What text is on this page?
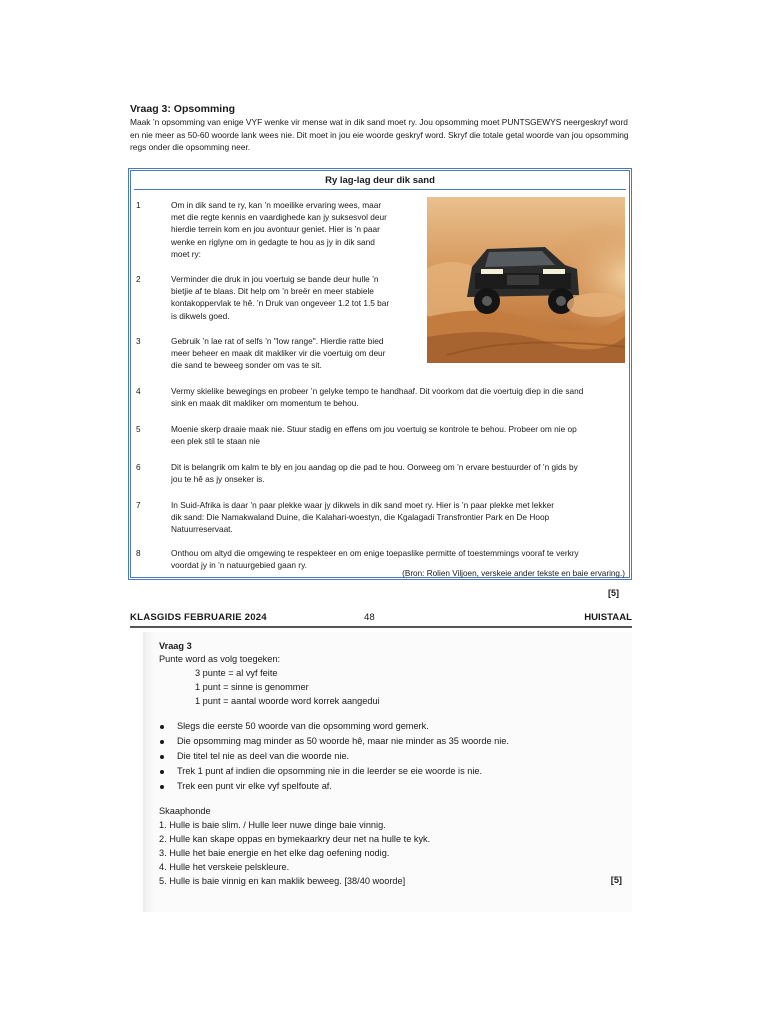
Vraag 3: Opsomming
Maak ’n opsomming van enige VYF wenke vir mense wat in dik sand moet ry. Jou opsomming moet PUNTSGEWYS neergeskryf word en nie meer as 50-60 woorde lank wees nie. Dit moet in jou eie woorde geskryf word. Skryf die totale getal woorde van jou opsomming regs onder die opsomming neer.
Ry lag-lag deur dik sand
1	Om in dik sand te ry, kan ’n moeilike ervaring wees, maar
met die regte kennis en vaardighede kan jy suksesvol deur
hierdie terrein kom en jou avontuur geniet. Hier is ’n paar
wenke en riglyne om in gedagte te hou as jy in dik sand
moet ry:
2	Verminder die druk in jou voertuig se bande deur hulle ’n
bietjie af te blaas. Dit help om ’n breër en meer stabiele
kontakoppervlak te hê. ’n Druk van ongeveer 1.2 tot 1.5 bar
is dikwels goed.
3	Gebruik ’n lae rat of selfs ’n "low range". Hierdie ratte bied
meer beheer en maak dit makliker vir die voertuig om deur
die sand te beweeg sonder om vas te sit.
4	Vermy skielike bewegings en probeer ’n gelyke tempo te handhaaf. Dit voorkom dat die voertuig diep in die sand
sink en maak dit makliker om momentum te behou.
5	Moenie skerp draaie maak nie. Stuur stadig en effens om jou voertuig se kontrole te behou. Probeer om nie op
een plek stil te staan nie
6	Dit is belangrik om kalm te bly en jou aandag op die pad te hou. Oorweeg om ’n ervare bestuurder of ’n gids by
jou te hê as jy onseker is.
7	In Suid-Afrika is daar ’n paar plekke waar jy dikwels in dik sand moet ry. Hier is ’n paar plekke met lekker
dik sand: Die Namakwaland Duine, die Kalahari-woestyn, die Kgalagadi Transfrontier Park en De Hoop
Natuurreservaat.
8	Onthou om altyd die omgewing te respekteer en om enige toepaslike permitte of toestemmings vooraf te verkry
voordat jy in ’n natuurgebied gaan ry.
(Bron: Rolien Viljoen, verskeie ander tekste en baie ervaring.)
[5]
KLASGIDS FEBRUARIE 2024	48	HUISTAAL
Vraag 3
Punte word as volg toegeken:
3 punte = al vyf feite
1 punt = sinne is genommer
1 punt = aantal woorde word korrek aangedui
Slegs die eerste 50 woorde van die opsomming word gemerk.
Die opsomming mag minder as 50 woorde hê, maar nie minder as 35 woorde nie.
Die titel tel nie as deel van die woorde nie.
Trek 1 punt af indien die opsomming nie in die leerder se eie woorde is nie.
Trek een punt vir elke vyf spelfoute af.
Skaaphonde
1. Hulle is baie slim. / Hulle leer nuwe dinge baie vinnig.
2. Hulle kan skape oppas en bymekaarkry deur net na hulle te kyk.
3. Hulle het baie energie en het elke dag oefening nodig.
4. Hulle het verskeie pelskleure.
5. Hulle is baie vinnig en kan maklik beweeg. [38/40 woorde]	[5]
